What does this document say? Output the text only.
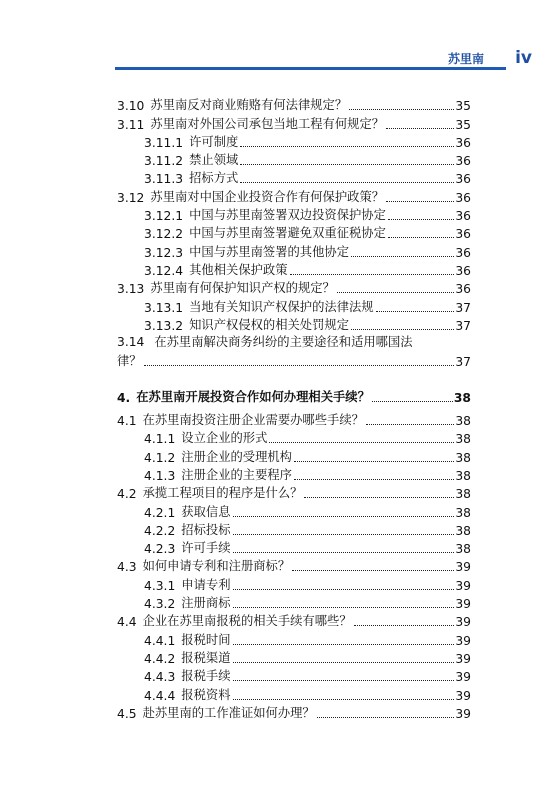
苏里南 iv
3.10 苏里南反对商业贿赂有何法律规定？	35
3.11 苏里南对外国公司承包当地工程有何规定？	35
3.11.1 许可制度	36
3.11.2 禁止领域	36
3.11.3 招标方式	36
3.12 苏里南对中国企业投资合作有何保护政策？	36
3.12.1 中国与苏里南签署双边投资保护协定	36
3.12.2 中国与苏里南签署避免双重征税协定	36
3.12.3 中国与苏里南签署的其他协定	36
3.12.4 其他相关保护政策	36
3.13 苏里南有何保护知识产权的规定？	36
3.13.1 当地有关知识产权保护的法律法规	37
3.13.2 知识产权侵权的相关处罚规定	37
3.14 在苏里南解决商务纠纷的主要途径和适用哪国法
律？	37
4. 在苏里南开展投资合作如何办理相关手续？	38
4.1 在苏里南投资注册企业需要办哪些手续？	38
4.1.1 设立企业的形式	38
4.1.2 注册企业的受理机构	38
4.1.3 注册企业的主要程序	38
4.2 承揽工程项目的程序是什么？	38
4.2.1 获取信息	38
4.2.2 招标投标	38
4.2.3 许可手续	38
4.3 如何申请专利和注册商标？	39
4.3.1 申请专利	39
4.3.2 注册商标	39
4.4 企业在苏里南报税的相关手续有哪些？	39
4.4.1 报税时间	39
4.4.2 报税渠道	39
4.4.3 报税手续	39
4.4.4 报税资料	39
4.5 赴苏里南的工作准证如何办理？	39
